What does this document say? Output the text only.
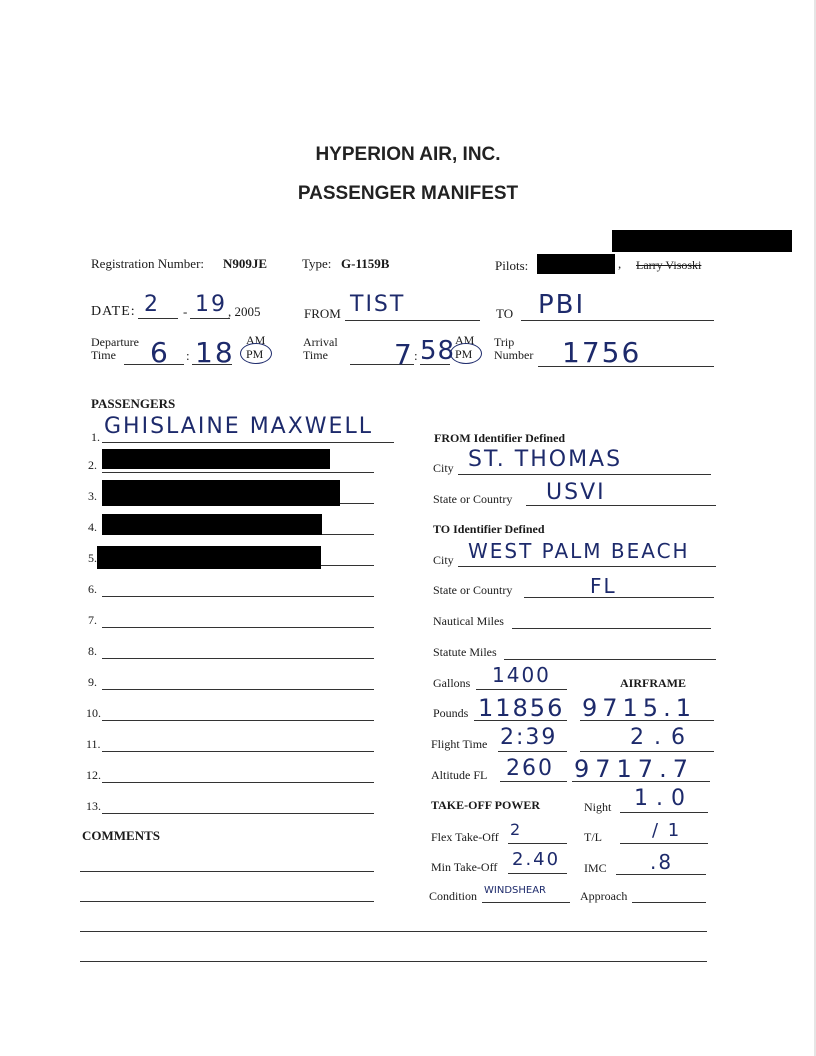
HYPERION AIR, INC.
PASSENGER MANIFEST
Registration Number: N909JE	Type: G-1159B	Pilots:	, Larry Visoski
DATE: 2 - 19 , 2005	FROM TIST	TO PBI
Departure
Time	6 : 18 AM
PM
Arrival
Time	7 : 58 AM
PM
Trip
Number 1756
PASSENGERS
1. GHISLAINE MAXWELL
2.
3.
4.
5.
6.
7.
8.
9.
10.
11.
12.
13.
COMMENTS
FROM Identifier Defined
City ST. THOMAS
State or Country USVI
TO Identifier Defined
City WEST PALM BEACH
State or Country	FL
Nautical Miles
Statute Miles
Gallons 1400	AIRFRAME
Pounds 11856 9715.1
Flight Time 2:39	2.6
Altitude FL 260 9717.7
TAKE-OFF POWER	Night 1.0
Flex Take-Off 2	T/L	/ 1
Min Take-Off 2.40 IMC .8
Condition WINDSHEAR	Approach
